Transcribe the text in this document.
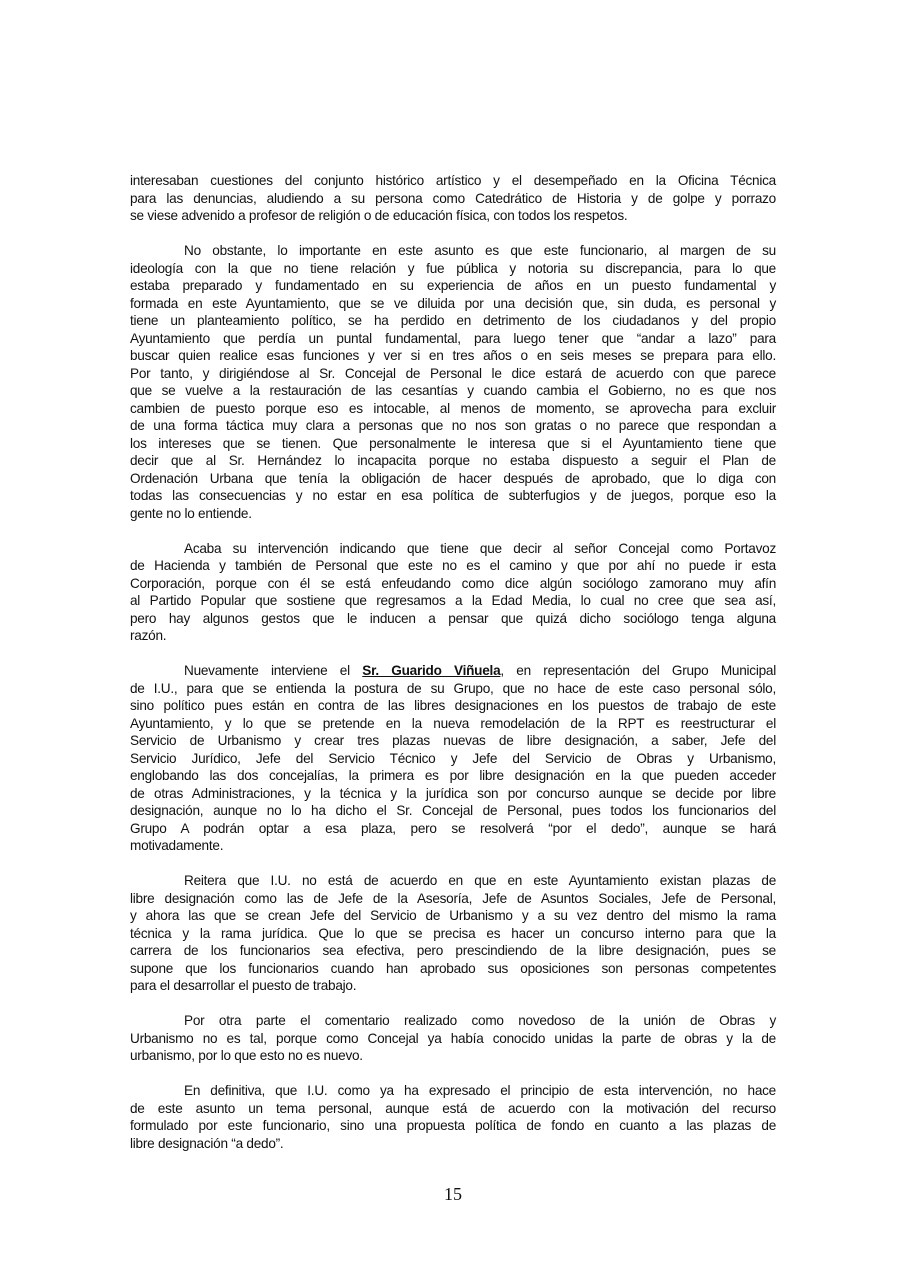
interesaban cuestiones del conjunto histórico artístico y el desempeñado en la Oficina Técnica
para las denuncias, aludiendo a su persona como Catedrático de Historia y de golpe y porrazo
se viese advenido a profesor de religión o de educación física, con todos los respetos.
No obstante, lo importante en este asunto es que este funcionario, al margen de su
ideología con la que no tiene relación y fue pública y notoria su discrepancia, para lo que
estaba preparado y fundamentado en su experiencia de años en un puesto fundamental y
formada en este Ayuntamiento, que se ve diluida por una decisión que, sin duda, es personal y
tiene un planteamiento político, se ha perdido en detrimento de los ciudadanos y del propio
Ayuntamiento que perdía un puntal fundamental, para luego tener que “andar a lazo” para
buscar quien realice esas funciones y ver si en tres años o en seis meses se prepara para ello.
Por tanto, y dirigiéndose al Sr. Concejal de Personal le dice estará de acuerdo con que parece
que se vuelve a la restauración de las cesantías y cuando cambia el Gobierno, no es que nos
cambien de puesto porque eso es intocable, al menos de momento, se aprovecha para excluir
de una forma táctica muy clara a personas que no nos son gratas o no parece que respondan a
los intereses que se tienen. Que personalmente le interesa que si el Ayuntamiento tiene que
decir que al Sr. Hernández lo incapacita porque no estaba dispuesto a seguir el Plan de
Ordenación Urbana que tenía la obligación de hacer después de aprobado, que lo diga con
todas las consecuencias y no estar en esa política de subterfugios y de juegos, porque eso la
gente no lo entiende.
Acaba su intervención indicando que tiene que decir al señor Concejal como Portavoz
de Hacienda y también de Personal que este no es el camino y que por ahí no puede ir esta
Corporación, porque con él se está enfeudando como dice algún sociólogo zamorano muy afín
al Partido Popular que sostiene que regresamos a la Edad Media, lo cual no cree que sea así,
pero hay algunos gestos que le inducen a pensar que quizá dicho sociólogo tenga alguna
razón.
Nuevamente interviene el Sr. Guarido Viñuela, en representación del Grupo Municipal
de I.U., para que se entienda la postura de su Grupo, que no hace de este caso personal sólo,
sino político pues están en contra de las libres designaciones en los puestos de trabajo de este
Ayuntamiento, y lo que se pretende en la nueva remodelación de la RPT es reestructurar el
Servicio de Urbanismo y crear tres plazas nuevas de libre designación, a saber, Jefe del
Servicio Jurídico, Jefe del Servicio Técnico y Jefe del Servicio de Obras y Urbanismo,
englobando las dos concejalías, la primera es por libre designación en la que pueden acceder
de otras Administraciones, y la técnica y la jurídica son por concurso aunque se decide por libre
designación, aunque no lo ha dicho el Sr. Concejal de Personal, pues todos los funcionarios del
Grupo A podrán optar a esa plaza, pero se resolverá “por el dedo”, aunque se hará
motivadamente.
Reitera que I.U. no está de acuerdo en que en este Ayuntamiento existan plazas de
libre designación como las de Jefe de la Asesoría, Jefe de Asuntos Sociales, Jefe de Personal,
y ahora las que se crean Jefe del Servicio de Urbanismo y a su vez dentro del mismo la rama
técnica y la rama jurídica. Que lo que se precisa es hacer un concurso interno para que la
carrera de los funcionarios sea efectiva, pero prescindiendo de la libre designación, pues se
supone que los funcionarios cuando han aprobado sus oposiciones son personas competentes
para el desarrollar el puesto de trabajo.
Por otra parte el comentario realizado como novedoso de la unión de Obras y
Urbanismo no es tal, porque como Concejal ya había conocido unidas la parte de obras y la de
urbanismo, por lo que esto no es nuevo.
En definitiva, que I.U. como ya ha expresado el principio de esta intervención, no hace
de este asunto un tema personal, aunque está de acuerdo con la motivación del recurso
formulado por este funcionario, sino una propuesta política de fondo en cuanto a las plazas de
libre designación “a dedo”.
15
